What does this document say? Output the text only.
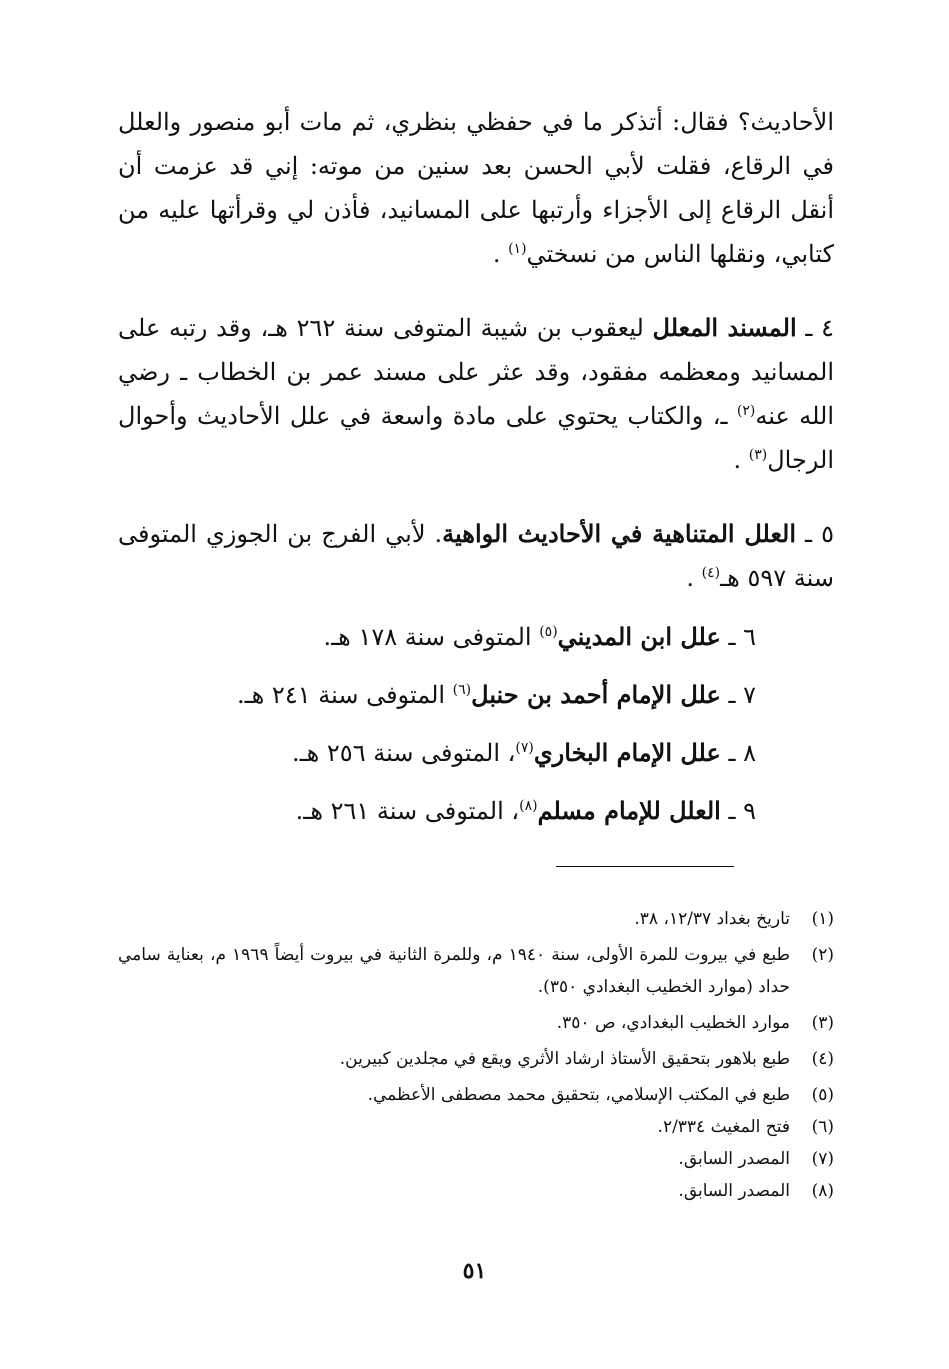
الأحاديث؟ فقال: أتذكر ما في حفظي بنظري، ثم مات أبو منصور والعلل في الرقاع، فقلت لأبي الحسن بعد سنين من موته: إني قد عزمت أن أنقل الرقاع إلى الأجزاء وأرتبها على المسانيد، فأذن لي وقرأتها عليه من كتابي، ونقلها الناس من نسختي$^{(١)}$ .

٤ ـ المسند المعلل ليعقوب بن شيبة المتوفى سنة ٢٦٢ هـ، وقد رتبه على المسانيد ومعظمه مفقود، وقد عثر على مسند عمر بن الخطاب ـ رضي الله عنه$^{(٢)}$ ـ، والكتاب يحتوي على مادة واسعة في علل الأحاديث وأحوال الرجال$^{(٣)}$ .

٥ ـ العلل المتناهية في الأحاديث الواهية. لأبي الفرج بن الجوزي المتوفى سنة ٥٩٧ هـ$^{(٤)}$ .

٦ ـ علل ابن المديني$^{(٥)}$ المتوفى سنة ١٧٨ هـ.
٧ ـ علل الإمام أحمد بن حنبل$^{(٦)}$ المتوفى سنة ٢٤١ هـ.
٨ ـ علل الإمام البخاري$^{(٧)}$، المتوفى سنة ٢٥٦ هـ.
٩ ـ العلل للإمام مسلم$^{(٨)}$، المتوفى سنة ٢٦١ هـ.
(١)
تاريخ بغداد ١٢/٣٧، ٣٨.
(٢)
طبع في بيروت للمرة الأولى، سنة ١٩٤٠ م، وللمرة الثانية في بيروت أيضاً ١٩٦٩ م، بعناية سامي حداد (موارد الخطيب البغدادي ٣٥٠).
(٣)
موارد الخطيب البغدادي، ص ٣٥٠.
(٤)
طبع بلاهور بتحقيق الأستاذ ارشاد الأثري ويقع في مجلدين كبيرين.
(٥)
طبع في المكتب الإسلامي، بتحقيق محمد مصطفى الأعظمي.
(٦)
فتح المغيث ٢/٣٣٤.
(٧)
المصدر السابق.
(٨)
المصدر السابق.
٥١
